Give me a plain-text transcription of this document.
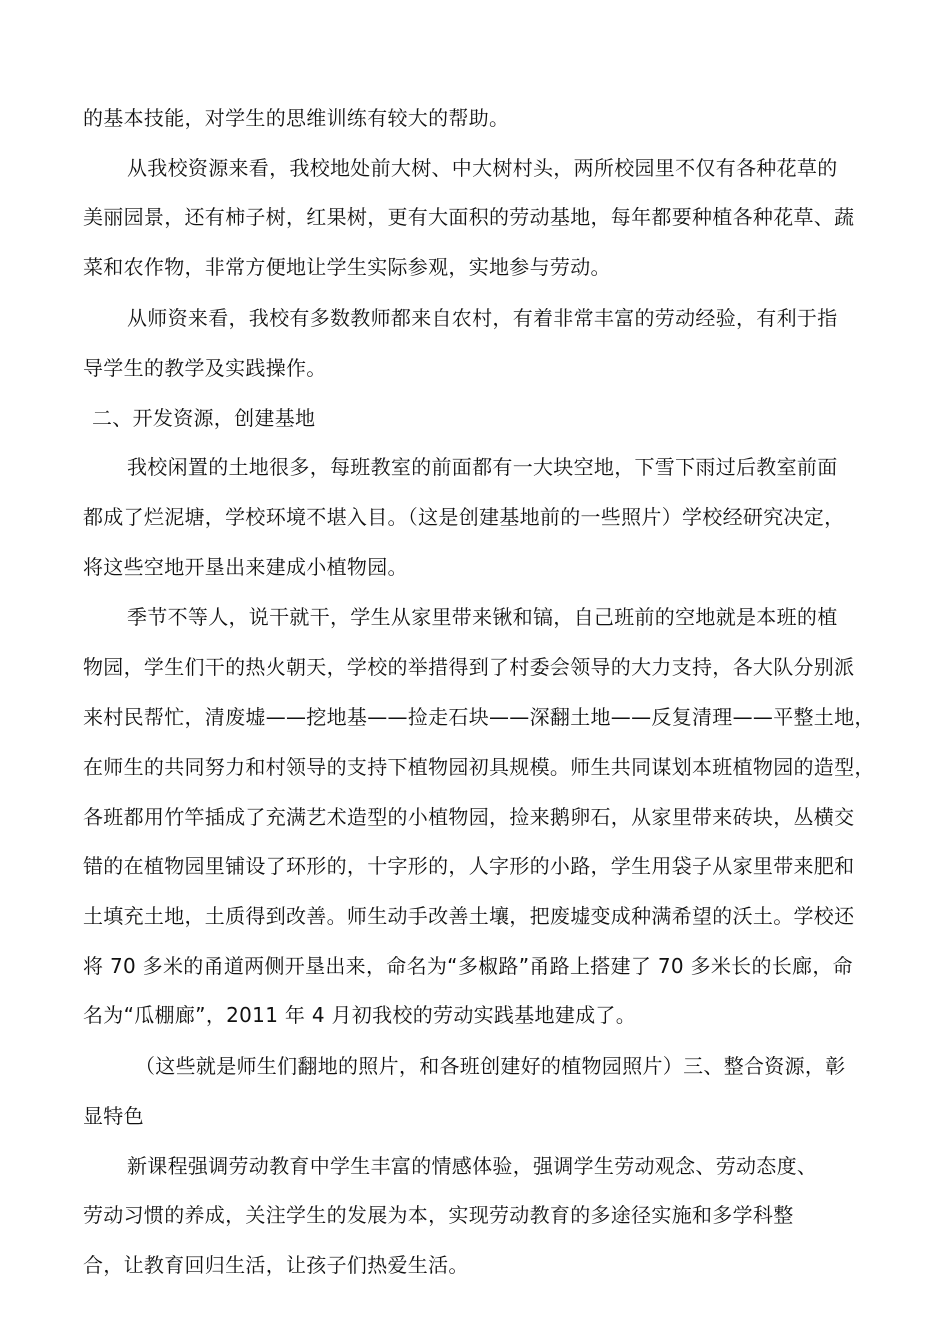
的基本技能，对学生的思维训练有较大的帮助。
从我校资源来看，我校地处前大树、中大树村头，两所校园里不仅有各种花草的
美丽园景，还有柿子树，红果树，更有大面积的劳动基地，每年都要种植各种花草、蔬
菜和农作物，非常方便地让学生实际参观，实地参与劳动。
从师资来看，我校有多数教师都来自农村，有着非常丰富的劳动经验，有利于指
导学生的教学及实践操作。
二、开发资源，创建基地
我校闲置的土地很多，每班教室的前面都有一大块空地，下雪下雨过后教室前面
都成了烂泥塘，学校环境不堪入目。（这是创建基地前的一些照片）学校经研究决定，
将这些空地开垦出来建成小植物园。
季节不等人，说干就干，学生从家里带来锹和镐，自己班前的空地就是本班的植
物园，学生们干的热火朝天，学校的举措得到了村委会领导的大力支持，各大队分别派
来村民帮忙，清废墟——挖地基——捡走石块——深翻土地——反复清理——平整土地，
在师生的共同努力和村领导的支持下植物园初具规模。师生共同谋划本班植物园的造型，
各班都用竹竿插成了充满艺术造型的小植物园，捡来鹅卵石，从家里带来砖块，丛横交
错的在植物园里铺设了环形的，十字形的，人字形的小路，学生用袋子从家里带来肥和
土填充土地，土质得到改善。师生动手改善土壤，把废墟变成种满希望的沃土。学校还
将 70 多米的甬道两侧开垦出来，命名为“多椒路”甬路上搭建了 70 多米长的长廊，命
名为“瓜棚廊”，2011 年 4 月初我校的劳动实践基地建成了。
（这些就是师生们翻地的照片，和各班创建好的植物园照片）三、整合资源，彰
显特色
新课程强调劳动教育中学生丰富的情感体验，强调学生劳动观念、劳动态度、
劳动习惯的养成，关注学生的发展为本，实现劳动教育的多途径实施和多学科整
合，让教育回归生活，让孩子们热爱生活。
